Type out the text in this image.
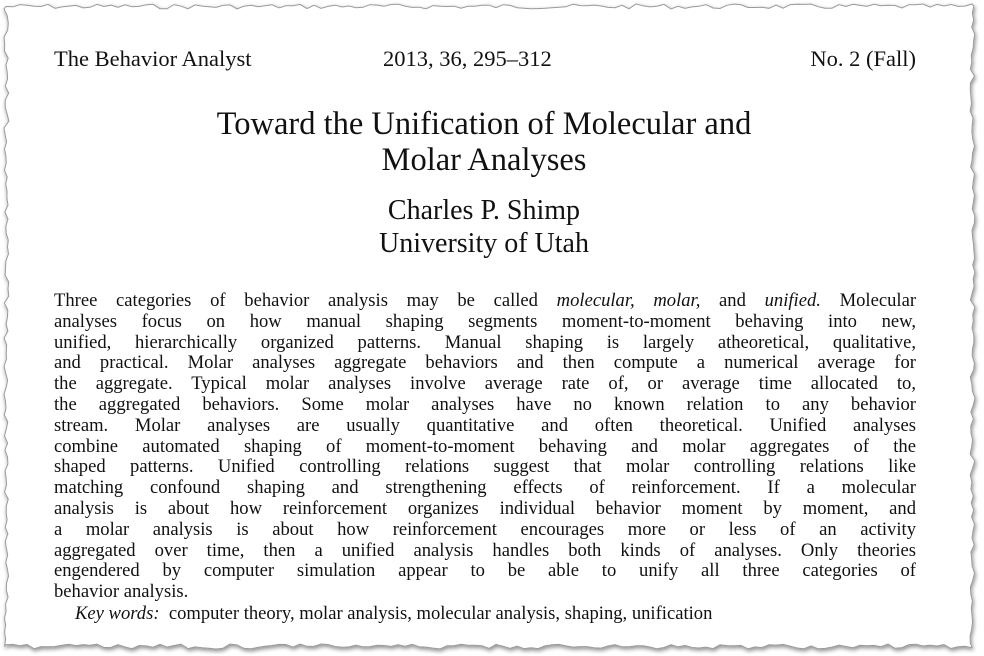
The Behavior Analyst	2013, 36, 295–312	No. 2 (Fall)
Toward the Unification of Molecular and
Molar Analyses
Charles P. Shimp
University of Utah
Three categories of behavior analysis may be called molecular, molar, and unified. Molecular
analyses focus on how manual shaping segments moment-to-moment behaving into new,
unified, hierarchically organized patterns. Manual shaping is largely atheoretical, qualitative,
and practical. Molar analyses aggregate behaviors and then compute a numerical average for
the aggregate. Typical molar analyses involve average rate of, or average time allocated to,
the aggregated behaviors. Some molar analyses have no known relation to any behavior
stream. Molar analyses are usually quantitative and often theoretical. Unified analyses
combine automated shaping of moment-to-moment behaving and molar aggregates of the
shaped patterns. Unified controlling relations suggest that molar controlling relations like
matching confound shaping and strengthening effects of reinforcement. If a molecular
analysis is about how reinforcement organizes individual behavior moment by moment, and
a molar analysis is about how reinforcement encourages more or less of an activity
aggregated over time, then a unified analysis handles both kinds of analyses. Only theories
engendered by computer simulation appear to be able to unify all three categories of
behavior analysis.
Key words: computer theory, molar analysis, molecular analysis, shaping, unification
